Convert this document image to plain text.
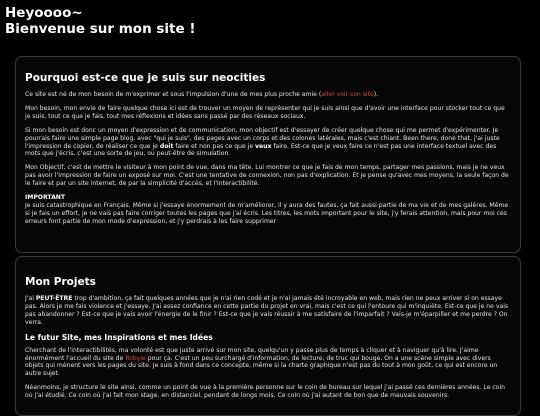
Heyoooo~
Bienvenue sur mon site !
Pourquoi est-ce que je suis sur neocities

Ce site est né de mon besoin de m'exprimer et sous l'impulsion d'une de mes plus proche amie (aller voir son site).

Mon besoin, mon envie de faire quelque chose ici est de trouver un moyen de représenter qui je suis ainsi que d'avoir une interface pour stocker tout ce que je suis, tout ce que je fais, tout mes réflexions et idées sans passé par des réseaux sociaux.

Si mon besoin est donc un moyen d'expression et de communication, mon objectif est d'essayer de créer quelque chose qui me permet d'expérimenter. Je pourrais faire une simple page blog, avec "qui je suis", des pages avec un corps et des colones latérales, mais c'est chiant. Been there, done that, j'ai juste l'impression de copier, de réaliser ce que je doit faire et non pas ce que je veux faire. Est-ce que je veux faire ce n'est pas une interface textuel avec des mots que j'écris, c'est une sorte de jeu, ou peut-être de simulation.

Mon Objectif, c'est de mettre le visiteur à mon point de vue, dans ma tête. Lui montrer ce que je fais de mon temps, partager mes passions, mais je ne veux pas avoir l'impression de faire un exposé sur moi. C'est une tentative de connexion, non pas d'explication. Et je pense qu'avec mes moyens, la seule façon de le faire et par un site internet, de par la simplicité d'accès, et l'interactibilité.

IMPORTANT

Je suis catastrophique en Français. Même si j'essaye énormement de m'améliorer, il y aura des fautes, ça fait aussi partie de ma vie et de mes galères. Même si je fais un effort, je ne vais pas faire corriger toutes les pages que j'ai écris. Les titres, les mots important pour le site, j'y ferais attention, mais pour moi ces erreurs font partie de mon mode d'expression, et j'y perdrais à les faire supprimer

Mon Projets

J'ai PEUT-ÊTRE trop d'ambition, ça fait quelques années que je n'ai rien codé et je n'ai jamais été incroyable en web, mais rien ne peux arriver si on essaye pas. Alors je me fais violence et j'essaye. J'ai assez confiance en cette partie du projet en vrai, mais c'est ce qui l'entoure qui m'inquiète. Est-ce que je ne vais pas abandonner ? Est-ce que je vais avoir l'énergie de le finir ? Est-ce que je vais réussir à me satisfaire de l'imparfait ? Vais-je m'éparpiller et me perdre ? On verra.

Le futur Site, mes Inspirations et mes Idées

Cherchant de l'interactibilités, ma volonté est que juste arrivé sur mon site, quelqu'un y passe plus de temps à cliquer et à naviguer qu'à lire. J'aime énormément l'accueil du site de Robyie pour ça. C'est un peu surchargé d'information, de lecture, de truc qui bouge. On a une scène simple avec divers objets qui mènent vers les pages du site. Je suis à fond dans ce concepte, même si la charte graphique n'est pas du tout à mon goût, ce qui est encore un autre sujet.

Néanmoins, je structure le site ainsi, comme un point de vue à la première personne sur le coin de bureau sur lequel j'ai passé ces dernières années. Le coin où j'ai étudié. Ce coin où j'ai fait mon stage, en distanciel, pendant de longs mois. Ce coin où j'ai autant de bon que de mauvais souvenirs.
